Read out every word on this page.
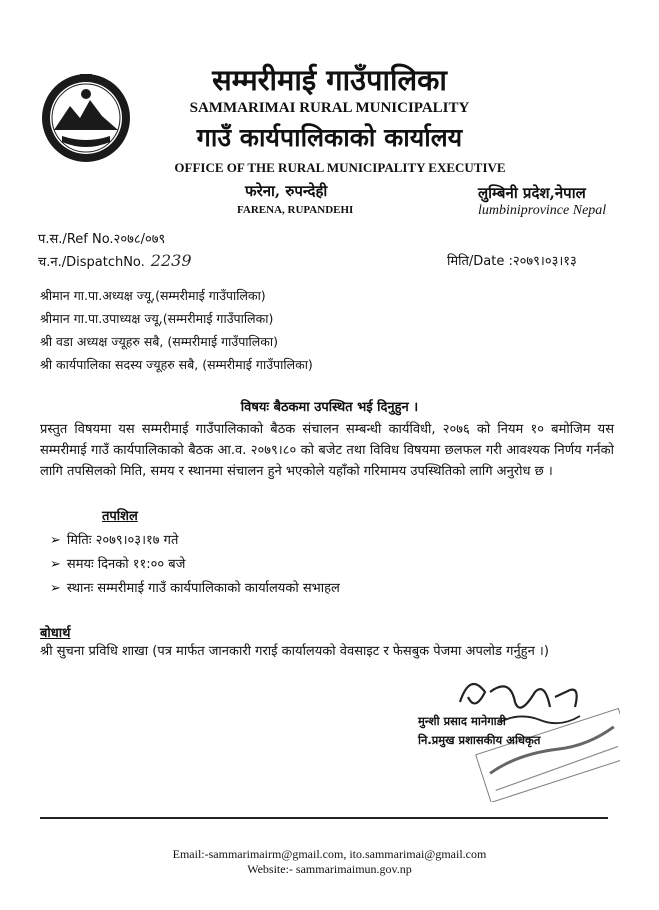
सम्मरीमाई गाउँपालिका
SAMMARIMAI RURAL MUNICIPALITY
गाउँ कार्यपालिकाको कार्यालय
OFFICE OF THE RURAL MUNICIPALITY EXECUTIVE
फरेना, रुपन्देही
FARENA, RUPANDEHI
लुम्बिनी प्रदेश,नेपाल
lumbiniprovince Nepal
प.स./Ref No.२०७८/०७९
च.न./DispatchNo. 2239	मिति/Date :२०७९।०३।१३
श्रीमान गा.पा.अध्यक्ष ज्यू,(सम्मरीमाई गाउँपालिका)
श्रीमान गा.पा.उपाध्यक्ष ज्यू,(सम्मरीमाई गाउँपालिका)
श्री वडा अध्यक्ष ज्यूहरु सबै, (सम्मरीमाई गाउँपालिका)
श्री कार्यपालिका सदस्य ज्यूहरु सबै, (सम्मरीमाई गाउँपालिका)
विषयः बैठकमा उपस्थित भई दिनुहुन ।
प्रस्तुत विषयमा यस सम्मरीमाई गाउँपालिकाको बैठक संचालन सम्बन्धी कार्यविधी, २०७६ को नियम १० बमोजिम यस सम्मरीमाई गाउँ कार्यपालिकाको बैठक आ.व. २०७९।८० को बजेट तथा विविध विषयमा छलफल गरी आवश्यक निर्णय गर्नको लागि तपसिलको मिति, समय र स्थानमा संचालन हुने भएकोले यहाँको गरिमामय उपस्थितिको लागि अनुरोध छ ।
तपशिल
➢ मितिः २०७९।०३।१७ गते
➢ समयः दिनको ११:०० बजे
➢ स्थानः सम्मरीमाई गाउँ कार्यपालिकाको कार्यालयको सभाहल
बोधार्थ
श्री सुचना प्रविधि शाखा (पत्र मार्फत जानकारी गराई कार्यालयको वेवसाइट र फेसबुक पेजमा अपलोड गर्नुहुन ।)
मुन्शी प्रसाद मानेगाडी
नि.प्रमुख प्रशासकीय अधिकृत
Email:-sammarimairm@gmail.com, ito.sammarimai@gmail.com
Website:- sammarimaimun.gov.np
